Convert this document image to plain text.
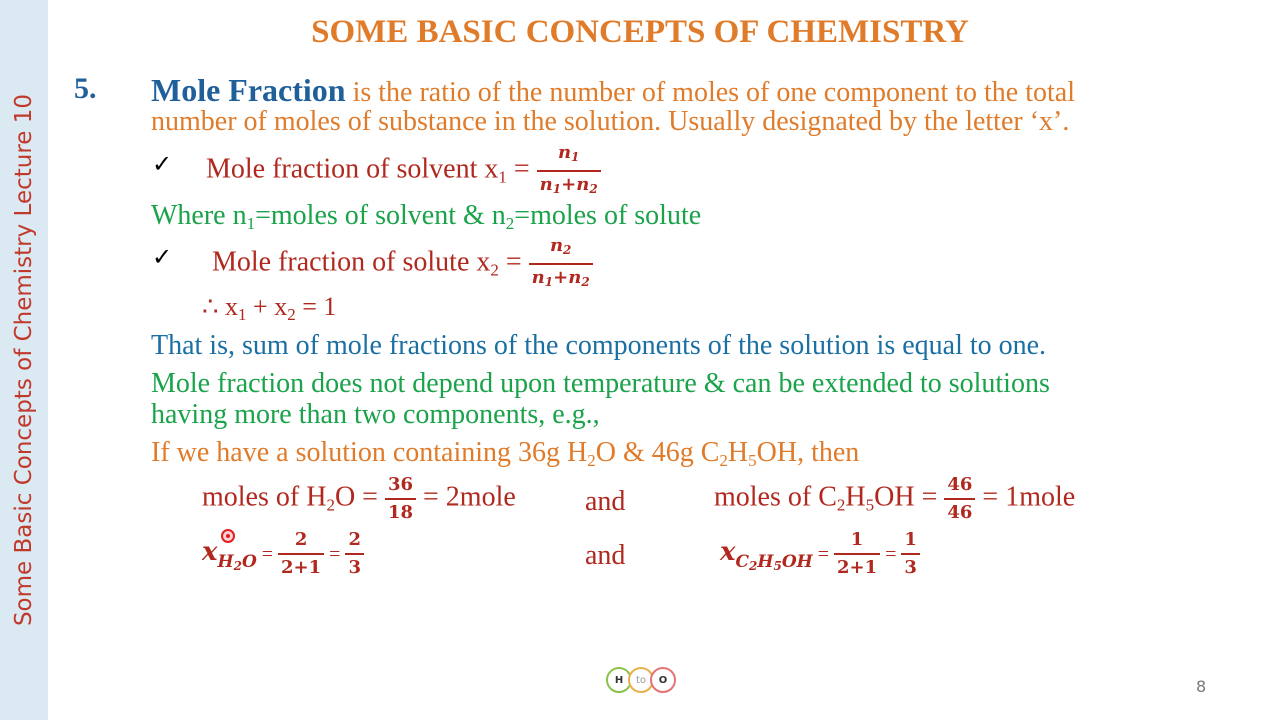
Some Basic Concepts of Chemistry Lecture 10
SOME BASIC CONCEPTS OF CHEMISTRY
5. Mole Fraction is the ratio of the number of moles of one component to the total
number of moles of substance in the solution. Usually designated by the letter ‘x’.
✓ Mole fraction of solvent $x_1 = \frac{n_1}{n_1+n_2}$
Where $n_1=moles$ of solvent & $n_2=moles$ of solute
✓ Mole fraction of solute $x_2 = \frac{n_2}{n_1+n_2}$
∴ $x_1 + x_2 = 1$
That is, sum of mole fractions of the components of the solution is equal to one.
Mole fraction does not depend upon temperature & can be extended to solutions
having more than two components, e.g.,
If we have a solution containing 36g $H_2O$ & 46g $C_2H_5OH$, then
moles of $H_2O = \frac{36}{18}$ = 2mole and	moles of $C_2H_5OH = \frac{46}{46}$ = 1mole
$x_{H_2O} = \frac{2}{2+1} = \frac{2}{3}$	and	$x_{C_2H_5OH} = \frac{1}{2+1} = \frac{1}{3}$
H	to	O	8
